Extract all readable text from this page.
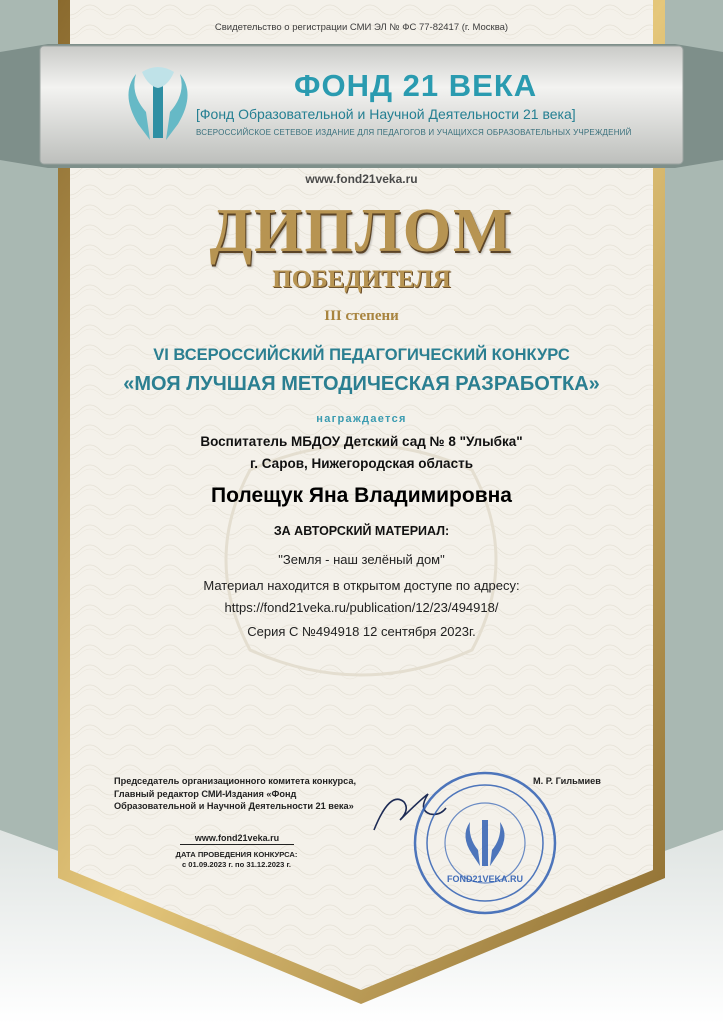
Свидетельство о регистрации СМИ ЭЛ № ФС 77-82417 (г. Москва)
ФОНД 21 ВЕКА
[Фонд Образовательной и Научной Деятельности 21 века]
ВСЕРОССИЙСКОЕ СЕТЕВОЕ ИЗДАНИЕ ДЛЯ ПЕДАГОГОВ И УЧАЩИХСЯ ОБРАЗОВАТЕЛЬНЫХ УЧРЕЖДЕНИЙ
www.fond21veka.ru
ДИПЛОМ
ПОБЕДИТЕЛЯ
III степени
VI ВСЕРОССИЙСКИЙ ПЕДАГОГИЧЕСКИЙ КОНКУРС
«МОЯ ЛУЧШАЯ МЕТОДИЧЕСКАЯ РАЗРАБОТКА»
награждается
Воспитатель МБДОУ Детский сад № 8 "Улыбка"
г. Саров, Нижегородская область
Полещук Яна Владимировна
ЗА АВТОРСКИЙ МАТЕРИАЛ:
"Земля - наш зелёный дом"
Материал находится в открытом доступе по адресу:
https://fond21veka.ru/publication/12/23/494918/
Серия С №494918 12 сентября 2023г.
Председатель организационного комитета конкурса,
Главный редактор СМИ-Издания «Фонд
Образовательной и Научной Деятельности 21 века»
М. Р. Гильмиев
FOND21VEKA.RU
www.fond21veka.ru
ДАТА ПРОВЕДЕНИЯ КОНКУРСА:
с 01.09.2023 г. по 31.12.2023 г.
